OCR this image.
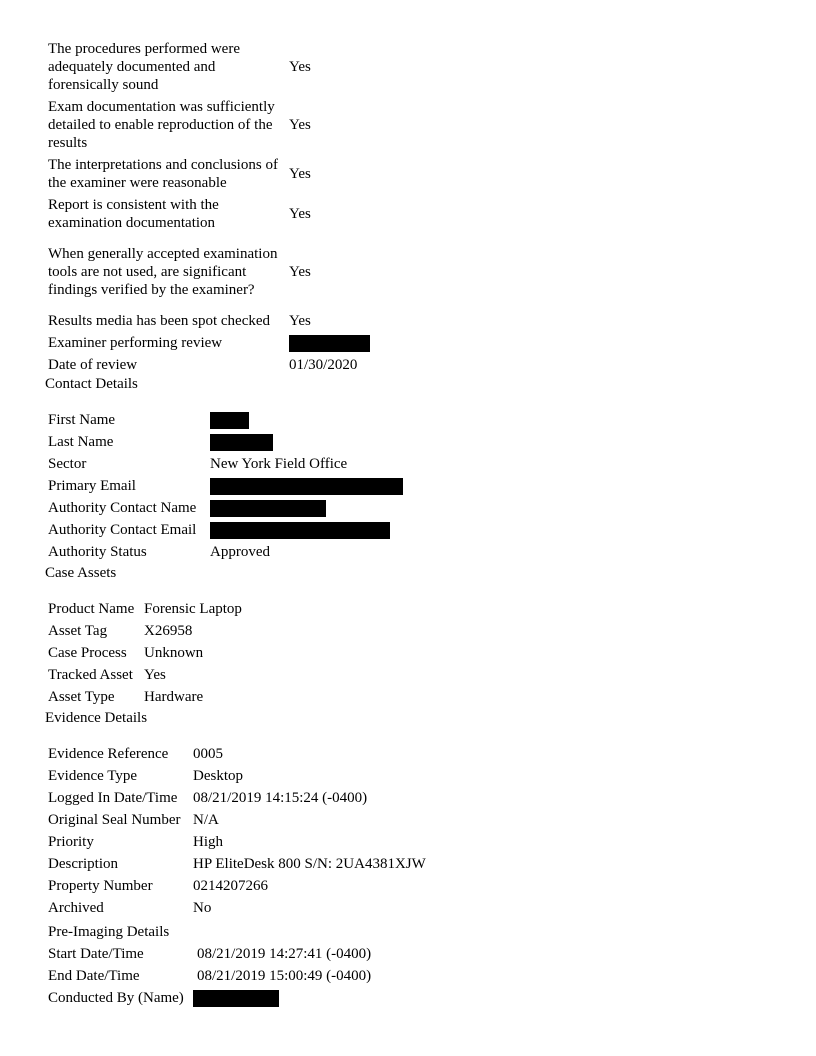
The procedures performed were adequately documented and forensically sound	Yes
Exam documentation was sufficiently detailed to enable reproduction of the results	Yes
The interpretations and conclusions of the examiner were reasonable	Yes
Report is consistent with the examination documentation	Yes
When generally accepted examination tools are not used, are significant findings verified by the examiner?	Yes
Results media has been spot checked	Yes
Examiner performing review	
Date of review	01/30/2020
Contact Details
First Name	
Last Name	
Sector	New York Field Office
Primary Email	
Authority Contact Name	
Authority Contact Email	
Authority Status	Approved
Case Assets
Product Name	Forensic Laptop
Asset Tag	X26958
Case Process	Unknown
Tracked Asset	Yes
Asset Type	Hardware
Evidence Details
Evidence Reference	0005
Evidence Type	Desktop
Logged In Date/Time	08/21/2019 14:15:24 (-0400)
Original Seal Number	N/A
Priority	High
Description	HP EliteDesk 800 S/N: 2UA4381XJW
Property Number	0214207266
Archived	No
Pre-Imaging Details	
Start Date/Time	08/21/2019 14:27:41 (-0400)
End Date/Time	08/21/2019 15:00:49 (-0400)
Conducted By (Name)	
